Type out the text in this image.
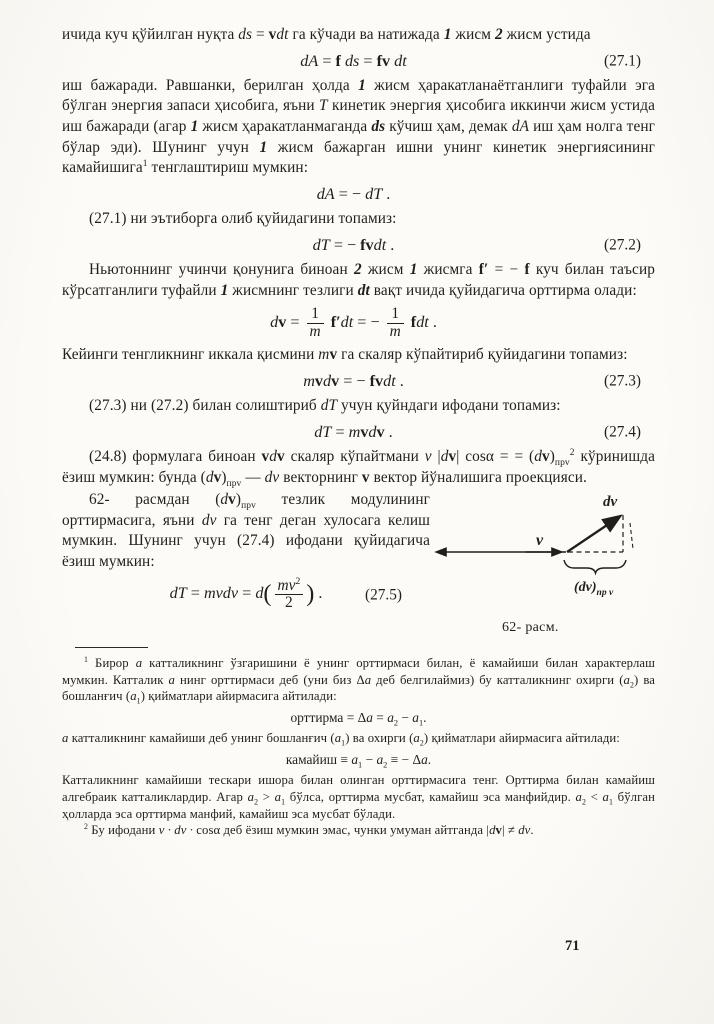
ичида куч қўйилган нуқта ds = vdt га кўчади ва натижада 1 жисм 2 жисм устида

dA = f ds = fv dt	(27.1)

иш бажаради. Равшанки, берилган ҳолда 1 жисм ҳаракатланаётганлиги туфайли эга бўлган энергия запаси ҳисобига, яъни T кинетик энергия ҳисобига иккинчи жисм устида иш бажаради (агар 1 жисм ҳаракатланмаганда ds кўчиш ҳам, демак dA иш ҳам нолга тенг бўлар эди). Шунинг учун 1 жисм бажарган ишни унинг кинетик энергиясининг камайишига$^1$ тенглаштириш мумкин:

dA = − dT .

(27.1) ни эътиборга олиб қуйидагини топамиз:

dT = − fvdt .	(27.2)

Ньютоннинг учинчи қонунига биноан 2 жисм 1 жисмга f′ = − f куч билан таъсир кўрсатганлиги туфайли 1 жисмнинг тезлиги dt вақт ичида қуйидагича орттирма олади:

dv = $\frac{1}{m} f'dt$ = − $\frac{1}{m}$ fdt .

Кейинги тенгликнинг иккала қисмини mv га скаляр кўпайтириб қуйидагини топамиз:

mvdv = − fvdt .	(27.3)

(27.3) ни (27.2) билан солиштириб dT учун қуйндаги ифодани топамиз:

dT = mvdv .	(27.4)

(24.8) формулага биноан vdv скаляр кўпайтмани v |dv| cosα = = $(dv)_{прv}^2$ кўринишда ёзиш мумкин: бунда $(dv)_{прv}$ — dv векторнинг v вектор йўналишига проекцияси.

62- расмдан $(dv)_{прv}$ тезлик модулининг орттирмасига, яъни dv га тенг деган хулосага келиш мумкин. Шунинг учун (27.4) ифодани қуйидагича ёзиш мумкин:

dT = mvdv = $d( \frac{mv^2}{2}$ ) .	(27.5)
v
dv
$(dv)_{пр v}$
62- расм.

$^1$ Бирор a катталикнинг ўзгаришини ё унинг орттирмаси билан, ё камайиши билан характерлаш мумкин. Катталик a нинг орттирмаси деб (уни биз Δa деб белгилаймиз) бу катталикнинг охирги $(a_2)$ ва бошланғич $(a_1)$ қийматлари айирмасига айтилади:

орттирма = $\Delta a = a_2 - a_1$.

a катталикнинг камайиши деб унинг бошланғич $(a_1)$ ва охирги $(a_2)$ қийматлари айирмасига айтилади:

камайиш ≡ $a_1 - a_2$ ≡ − Δa.

Катталикнинг камайиши тескари ишора билан олинган орттирмасига тенг. Орттирма билан камайиш алгебраик катталиклардир. Агар $a_2 > a_1$ бўлса, орттирма мусбат, камайиш эса манфийдир. $a_2 < a_1$ бўлган ҳолларда эса орттирма манфий, камайиш эса мусбат бўлади.

$^2$ Бу ифодани v · dv · cosα деб ёзиш мумкин эмас, чунки умуман айтганда |dv| ≠ dv.

71
